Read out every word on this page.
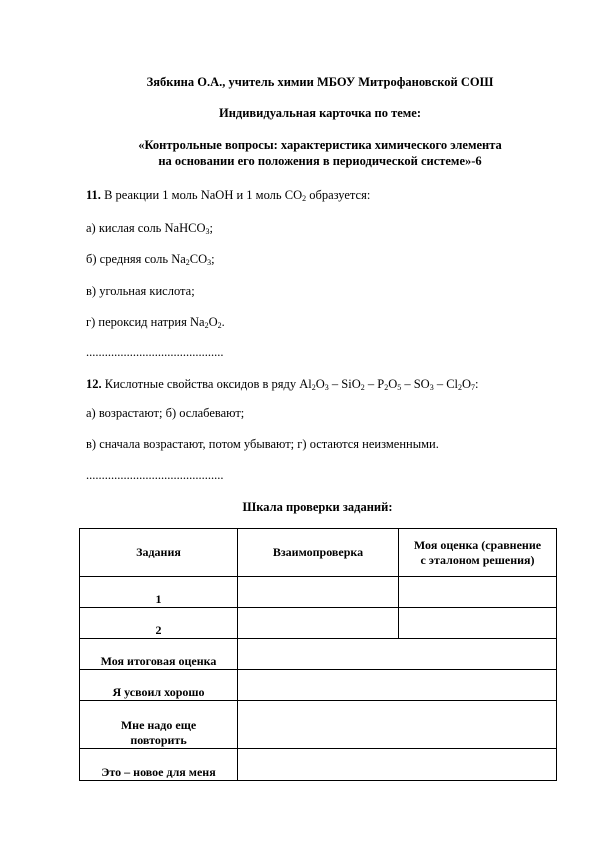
Зябкина О.А., учитель химии МБОУ Митрофановской СОШ
Индивидуальная карточка по теме:
«Контрольные вопросы: характеристика химического элемента
на основании его положения в периодической системе»-6
11. В реакции 1 моль NaOH и 1 моль $CO_2$ образуется:
а) кислая соль NaHCO$_3$;
б) средняя соль $Na_2CO_3$;
в) угольная кислота;
г) пероксид натрия $Na_2O_2$.
............................................
12. Кислотные свойства оксидов в ряду $Al_2O_3 - SiO_2 - P_2O_5 - SO_3 - Cl_2O_7$:
а) возрастают; б) ослабевают;
в) сначала возрастают, потом убывают; г) остаются неизменными.
............................................
Шкала проверки заданий:
Задания	Взаимопроверка	Моя оценка (сравнение
с эталоном решения)
1		
2		
Моя итоговая оценка		
Я усвоил хорошо		
Мне надо еще
повторить		
Это – новое для меня		
